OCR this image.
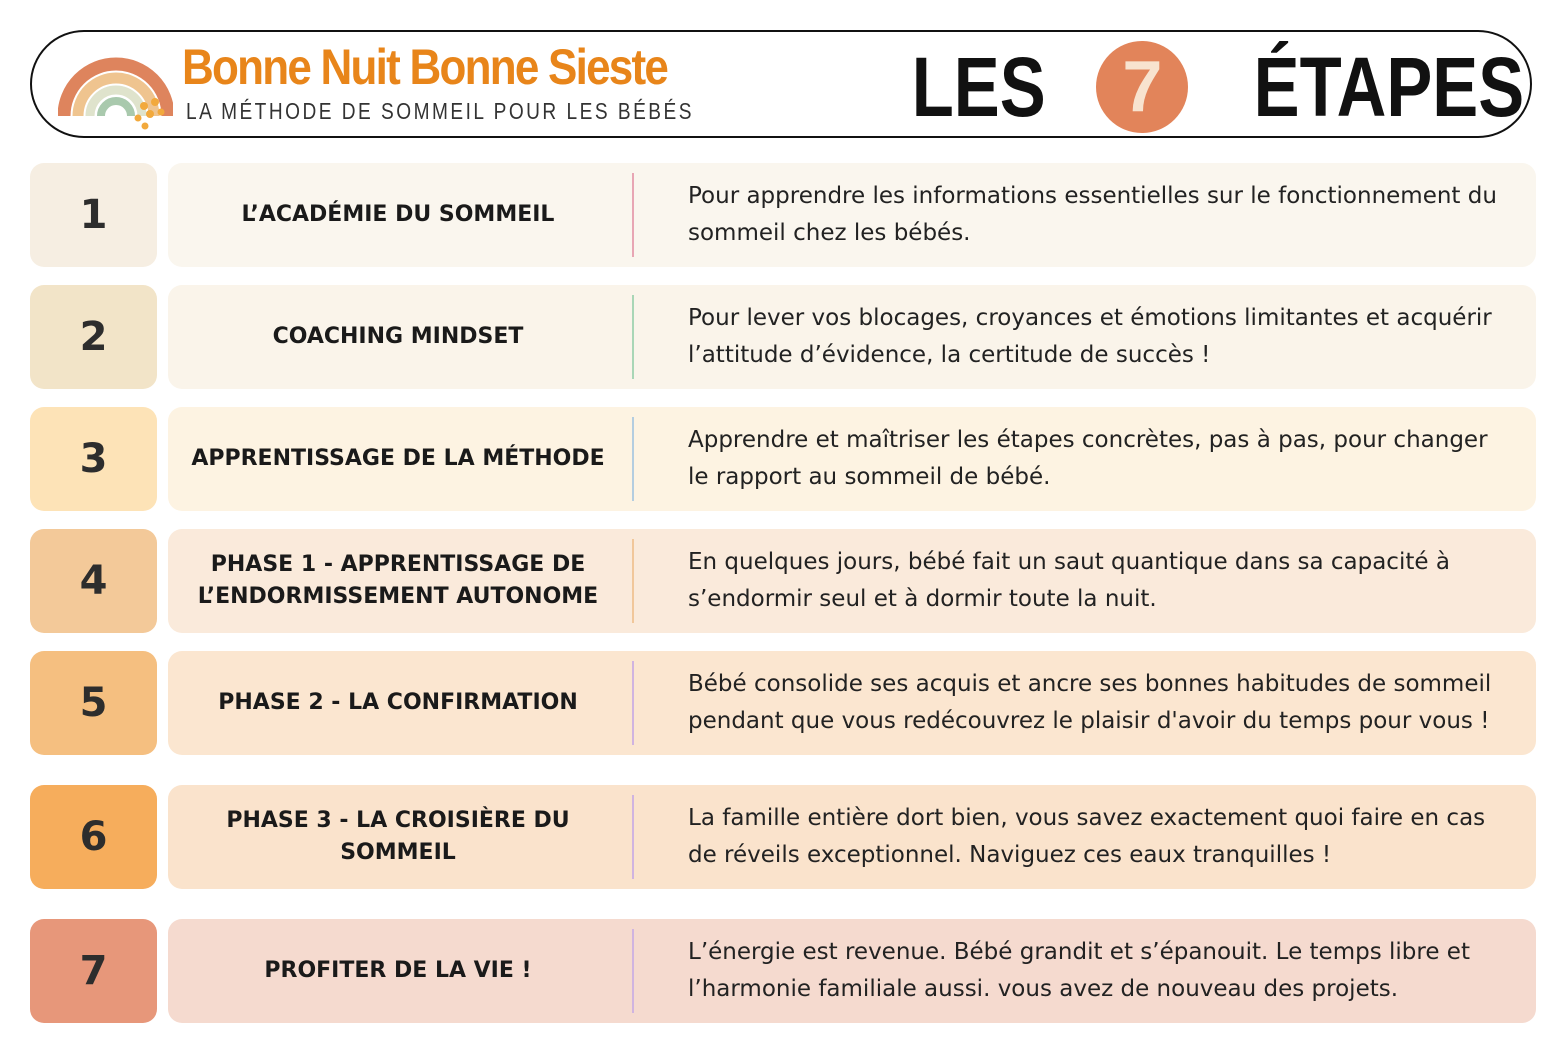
Bonne Nuit Bonne Sieste
LA MÉTHODE DE SOMMEIL POUR LES BÉBÉS	LES	7	ÉTAPES
1	L’ACADÉMIE DU SOMMEIL
Pour apprendre les informations essentielles sur le fonctionnement du sommeil chez les bébés.
2	COACHING MINDSET
Pour lever vos blocages, croyances et émotions limitantes et acquérir l’attitude d’évidence, la certitude de succès !
3	APPRENTISSAGE DE LA MÉTHODE
Apprendre et maîtriser les étapes concrètes, pas à pas, pour changer le rapport au sommeil de bébé.
4	PHASE 1 - APPRENTISSAGE DE L’ENDORMISSEMENT AUTONOME
En quelques jours, bébé fait un saut quantique dans sa capacité à s’endormir seul et à dormir toute la nuit.
5	PHASE 2 - LA CONFIRMATION
Bébé consolide ses acquis et ancre ses bonnes habitudes de sommeil pendant que vous redécouvrez le plaisir d'avoir du temps pour vous !
6	PHASE 3 - LA CROISIÈRE DU SOMMEIL
La famille entière dort bien, vous savez exactement quoi faire en cas de réveils exceptionnel. Naviguez ces eaux tranquilles !
7	PROFITER DE LA VIE !
L’énergie est revenue. Bébé grandit et s’épanouit. Le temps libre et l’harmonie familiale aussi. vous avez de nouveau des projets.
